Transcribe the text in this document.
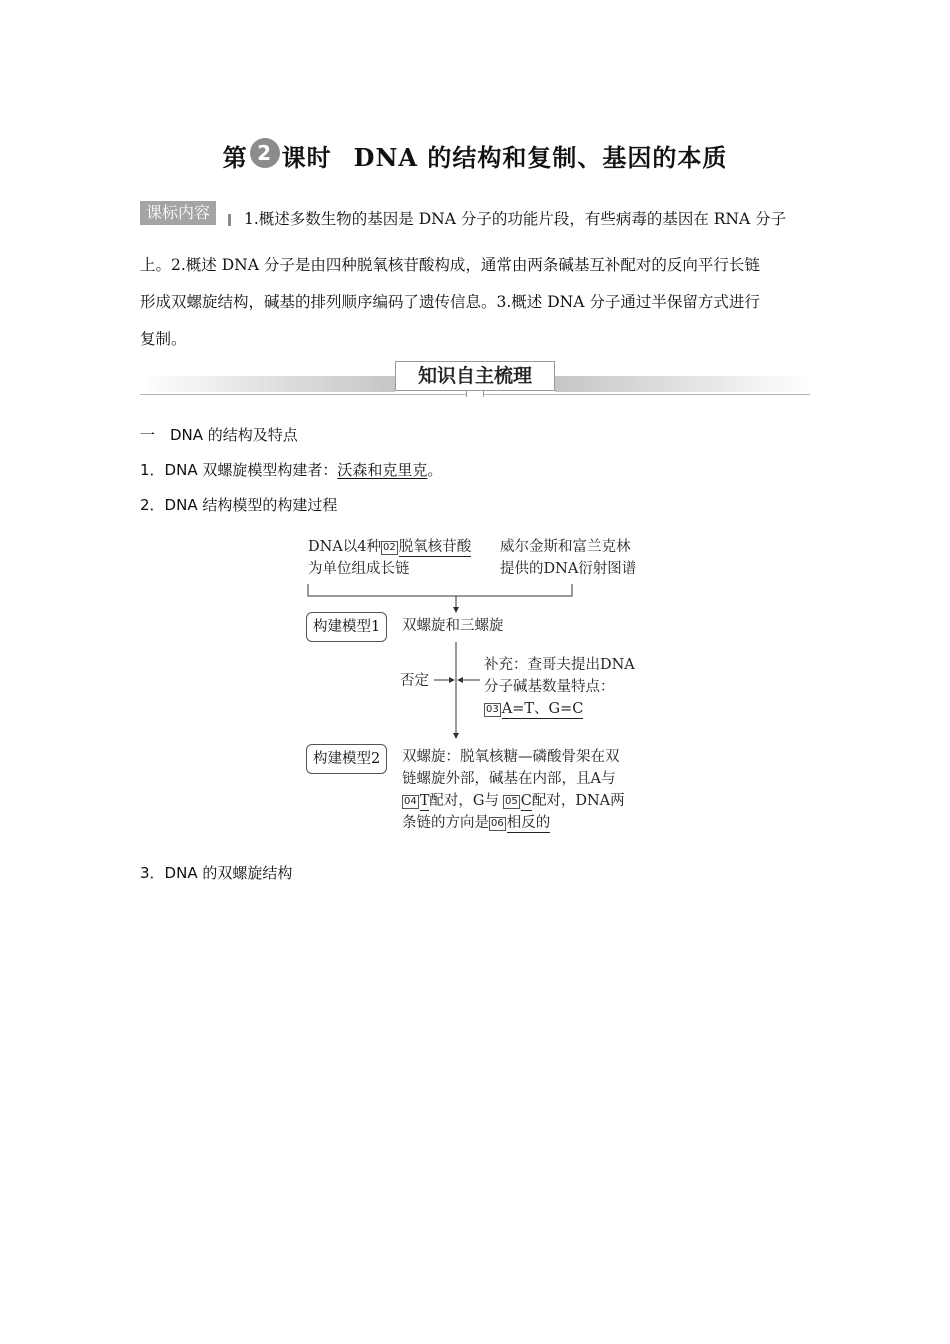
第 2 课时 DNA 的结构和复制、基因的本质
课标内容	1.概述多数生物的基因是 DNA 分子的功能片段，有些病毒的基因在 RNA 分子
上。2.概述 DNA 分子是由四种脱氧核苷酸构成，通常由两条碱基互补配对的反向平行长链
形成双螺旋结构，碱基的排列顺序编码了遗传信息。3.概述 DNA 分子通过半保留方式进行
复制。
知识自主梳理
一　DNA 的结构及特点
1．DNA 双螺旋模型构建者：沃森和克里克。
2．DNA 结构模型的构建过程
DNA以4种 02 脱氧核苷酸
为单位组成长链
威尔金斯和富兰克林
提供的DNA衍射图谱
构建模型1	双螺旋和三螺旋
否定
补充：查哥夫提出DNA
分子碱基数量特点：
03 A=T、G=C
构建模型2	双螺旋：脱氧核糖—磷酸骨架在双
链螺旋外部，碱基在内部，且A与
04 T配对，G与 05 C配对，DNA两
条链的方向是 06 相反的
3．DNA 的双螺旋结构
